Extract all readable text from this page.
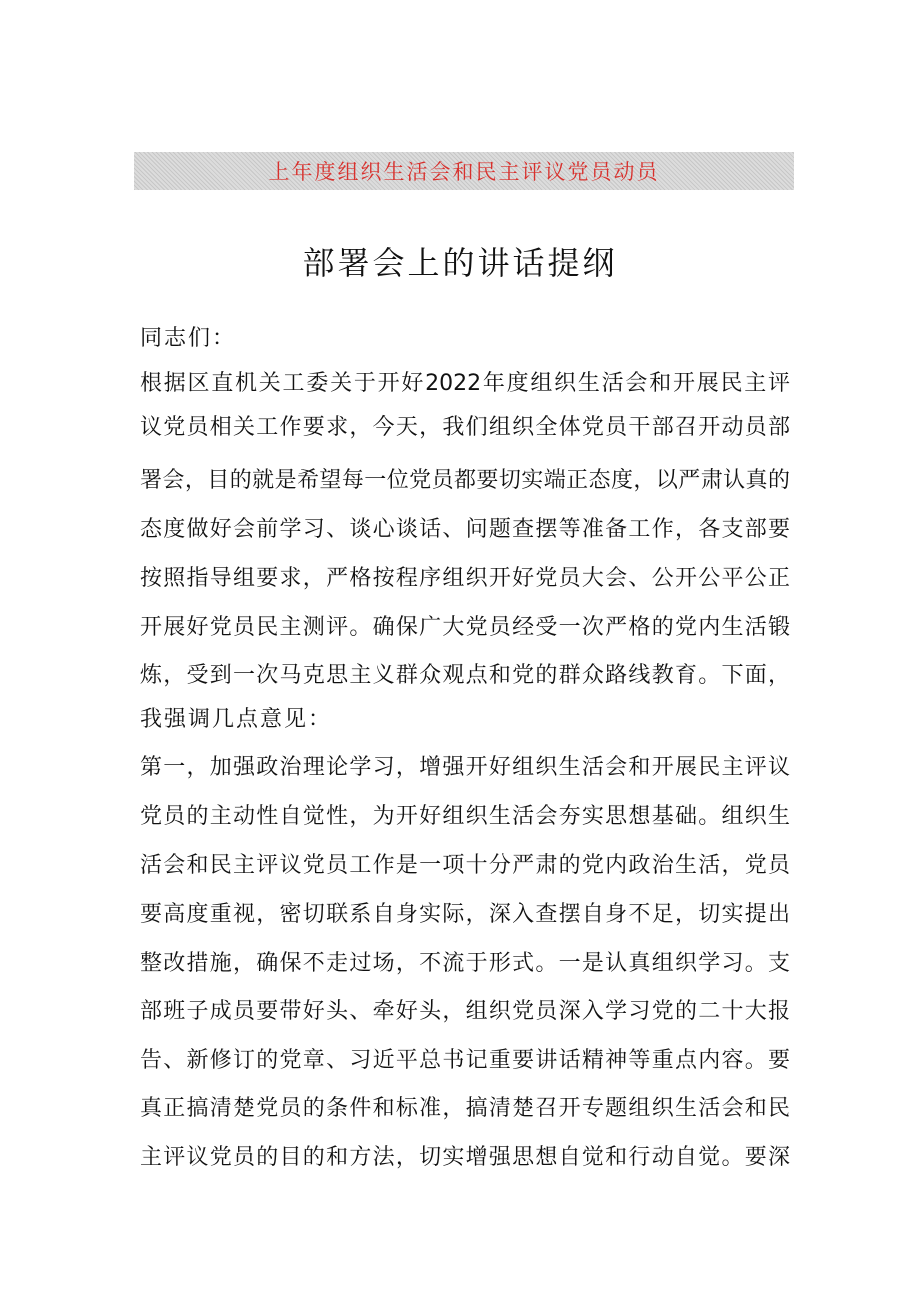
上年度组织生活会和民主评议党员动员
部署会上的讲话提纲
同志们：
根据区直机关工委关于开好2022年度组织生活会和开展民主评
议党员相关工作要求，今天，我们组织全体党员干部召开动员部
署会，目的就是希望每一位党员都要切实端正态度，以严肃认真的
态度做好会前学习、谈心谈话、问题查摆等准备工作，各支部要
按照指导组要求，严格按程序组织开好党员大会、公开公平公正
开展好党员民主测评。确保广大党员经受一次严格的党内生活锻
炼，受到一次马克思主义群众观点和党的群众路线教育。下面，
我强调几点意见：
第一，加强政治理论学习，增强开好组织生活会和开展民主评议
党员的主动性自觉性，为开好组织生活会夯实思想基础。组织生
活会和民主评议党员工作是一项十分严肃的党内政治生活，党员
要高度重视，密切联系自身实际，深入查摆自身不足，切实提出
整改措施，确保不走过场，不流于形式。一是认真组织学习。支
部班子成员要带好头、牵好头，组织党员深入学习党的二十大报
告、新修订的党章、习近平总书记重要讲话精神等重点内容。要
真正搞清楚党员的条件和标准，搞清楚召开专题组织生活会和民
主评议党员的目的和方法，切实增强思想自觉和行动自觉。要深
